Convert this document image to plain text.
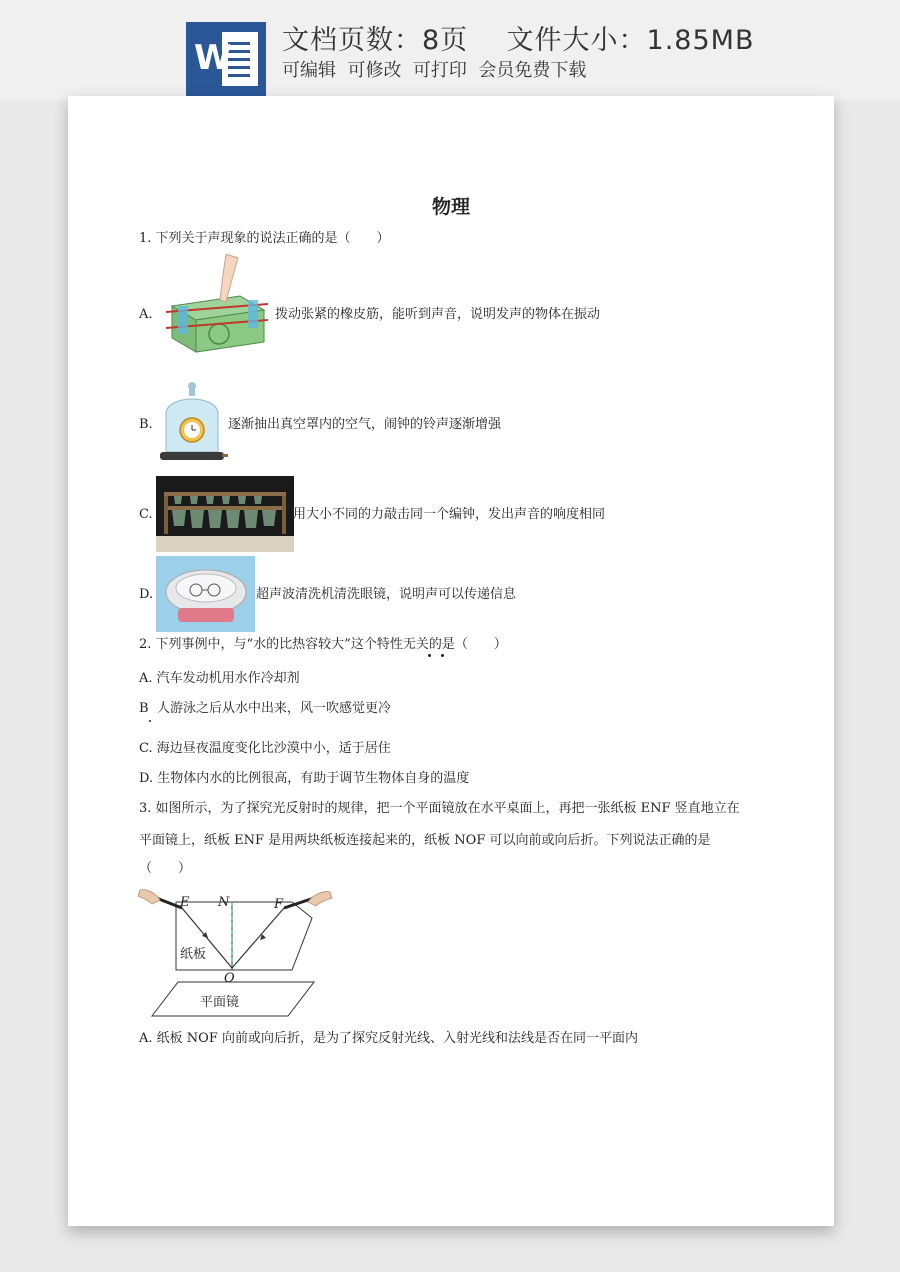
W 文档页数：8页 文件大小：1.85MB
可编辑  可修改  可打印  会员免费下载
物理
1. 下列关于声现象的说法正确的是（　　）
A.	拨动张紧的橡皮筋，能听到声音，说明发声的物体在振动
B.	逐渐抽出真空罩内的空气，闹钟的铃声逐渐增强
C.	用大小不同的力敲击同一个编钟，发出声音的响度相同
D.	超声波清洗机清洗眼镜，说明声可以传递信息
2. 下列事例中，与“水的比热容较大”这个特性无关的是（　　）
A. 汽车发动机用水作冷却剂
B 人游泳之后从水中出来，风一吹感觉更冷
C. 海边昼夜温度变化比沙漠中小，适于居住
D. 生物体内水的比例很高，有助于调节生物体自身的温度
3. 如图所示，为了探究光反射时的规律，把一个平面镜放在水平桌面上，再把一张纸板 ENF 竖直地立在
平面镜上，纸板 ENF 是用两块纸板连接起来的，纸板 NOF 可以向前或向后折。下列说法正确的是
（　　）
E N	F
纸板
O
平面镜
A. 纸板 NOF 向前或向后折，是为了探究反射光线、入射光线和法线是否在同一平面内
